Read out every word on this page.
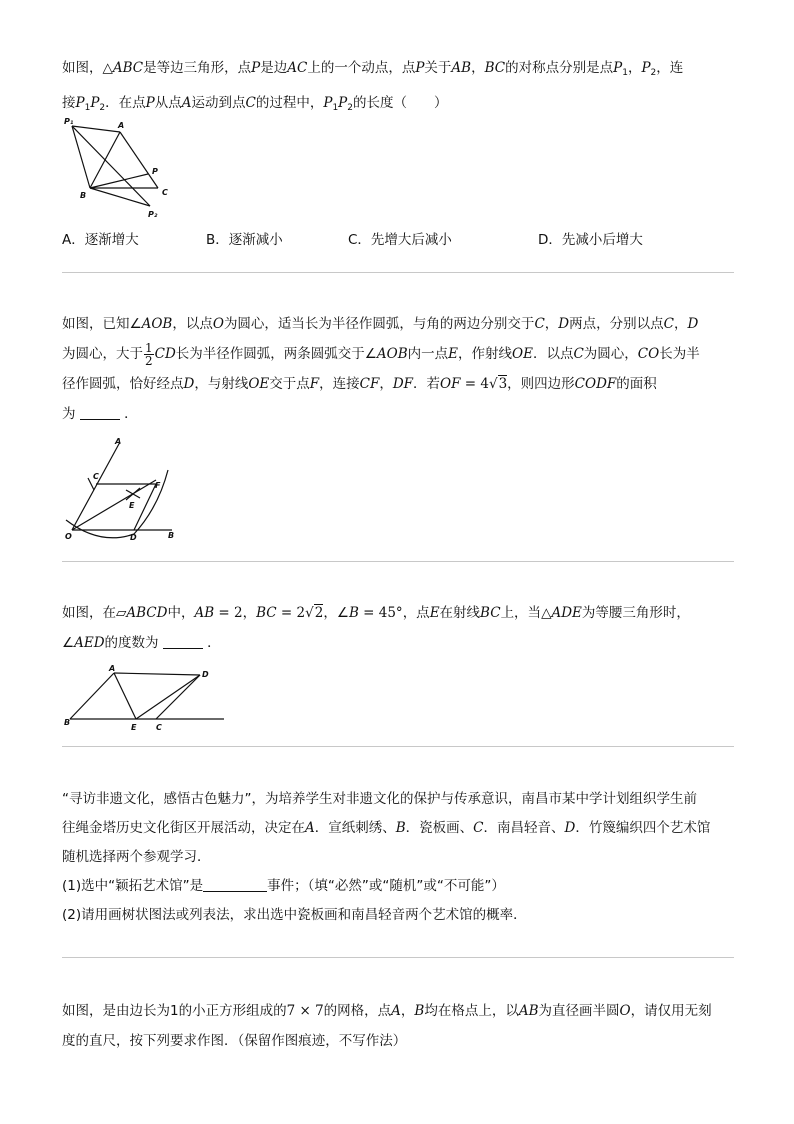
如图，△ABC是等边三角形，点P是边AC上的一个动点，点P关于AB，BC的对称点分别是点$P_1$，$P_2$，连
接$P_1P_2$．在点P从点A运动到点C的过程中，$P_1P_2$的长度（　　）
P₁	A
P
B	C
P₂
A．逐渐增大	B．逐渐减小	C．先增大后减小	D．先减小后增大
如图，已知∠AOB，以点O为圆心，适当长为半径作圆弧，与角的两边分别交于C，D两点，分别以点C，D
为圆心，大于 $\frac{1}{2}$ CD长为半径作圆弧，两条圆弧交于∠AOB内一点E，作射线OE．以点C为圆心，CO长为半
径作圆弧，恰好经点D，与射线OE交于点F，连接CF，DF．若OF = 4√3，则四边形CODF的面积
为	．
A
C
F
E
O	D	B
如图，在▱ABCD中，AB = 2，BC = 2√2，∠B = 45°，点E在射线BC上，当△ADE为等腰三角形时，
∠AED的度数为	．
A
D
B
E C
“寻访非遗文化，感悟古色魅力”，为培养学生对非遗文化的保护与传承意识，南昌市某中学计划组织学生前
往绳金塔历史文化街区开展活动，决定在A．宣纸刺绣、B．瓷板画、C．南昌轻音、D．竹篾编织四个艺术馆
随机选择两个参观学习．
(1)选中“颖拓艺术馆”是	事件；（填“必然”或“随机”或“不可能”）
(2)请用画树状图法或列表法，求出选中瓷板画和南昌轻音两个艺术馆的概率．
如图，是由边长为1的小正方形组成的7 × 7的网格，点A，B均在格点上，以AB为直径画半圆O，请仅用无刻
度的直尺，按下列要求作图．（保留作图痕迹，不写作法）
